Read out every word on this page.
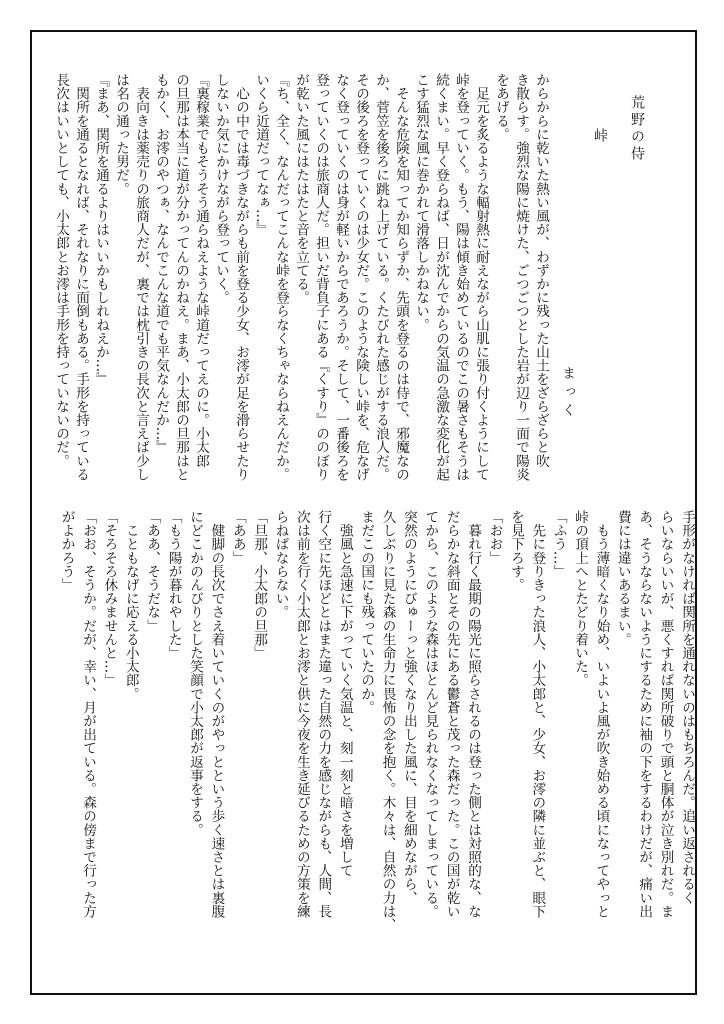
荒野の侍
峠
まっく
からからに乾いた熱い風が、わずかに残った山土をざらざらと吹
き散らす。強烈な陽に焼けた、ごつごつとした岩が辺り一面で陽炎
をあげる。
　足元を炙るような輻射熱に耐えながら山肌に張り付くようにして
峠を登っていく。もう、陽は傾き始めているのでこの暑さもそうは
続くまい。早く登らねば、日が沈んでからの気温の急激な変化が起
こす猛烈な風に巻かれて滑落しかねない。
　そんな危険を知ってか知らずか、先頭を登るのは侍で、邪魔なの
か、菅笠を後ろに跳ね上げている。くたびれた感じがする浪人だ。
その後ろを登っていくのは少女だ。このような険しい峠を、危なげ
なく登っていくのは身が軽いからであろうか。そして、一番後ろを
登っていくのは旅商人だ。担いだ背負子にある『くすり』ののぼり
が乾いた風にはたはたと音を立てる。
『ち、全く、なんだってこんな峠を登らなくちゃならねえんだか。
いくら近道だってなぁ…』
　心の中では毒づきながらも前を登る少女、お澪が足を滑らせたり
しないか気にかけながら登っていく。
『裏稼業でもそうそう通らねえような峠道だってえのに。小太郎
の旦那は本当に道が分かってんのかねえ。まあ、小太郎の旦那はと
もかく、お澪のやつぁ、なんでこんな道でも平気なんだか…』
　表向きは薬売りの旅商人だが、裏では枕引きの長次と言えば少し
は名の通った男だ。
『まあ、関所を通るよりはいいかもしれねえか…』
　関所を通るとなれば、それなりに面倒もある。手形を持っている
長次はいいとしても、小太郎とお澪は手形を持っていないのだ。
手形がなければ関所を通れないのはもちろんだ。追い返されるく
らいならいいが、悪くすれば関所破りで頭と胴体が泣き別れだ。ま
あ、そうならないようにするために袖の下をするわけだが、痛い出
費には違いあるまい。
　もう薄暗くなり始め、いよいよ風が吹き始める頃になってやっと
峠の頂上へとたどり着いた。
「ふう…」
　先に登りきった浪人、小太郎と、少女、お澪の隣に並ぶと、眼下
を見下ろす。
「おお」
　暮れ行く最期の陽光に照らされるのは登った側とは対照的な、な
だらかな斜面とその先にある鬱蒼と茂った森だった。この国が乾い
てから、このような森はほとんど見られなくなってしまっている。
突然のようにびゅーっと強くなり出した風に、目を細めながら、
久しぶりに見た森の生命力に畏怖の念を抱く。木々は、自然の力は、
まだこの国にも残っていたのか。
　強風と急速に下がっていく気温と、刻一刻と暗さを増して
行く空に先ほどとはまた違った自然の力を感じながらも、人間、長
次は前を行く小太郎とお澪と供に今夜を生き延びるための方策を練
らねばならない。
「旦那、小太郎の旦那」
「ああ」
　健脚の長次でさえ着いていくのがやっとという歩く速さとは裏腹
にどこかのんびりとした笑顔で小太郎が返事をする。
「もう陽が暮れやした」
「ああ、そうだな」
　こともなげに応える小太郎。
「そろそろ休みませんと…」
「おお、そうか。だが、幸い、月が出ている。森の傍まで行った方
がよかろう」
